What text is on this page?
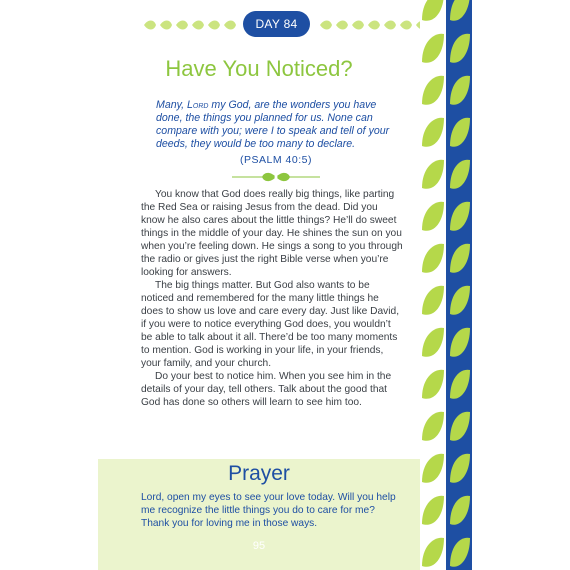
DAY 84
Have You Noticed?
Many, Lord my God, are the wonders you have done, the things you planned for us. None can compare with you; were I to speak and tell of your deeds, they would be too many to declare.
(PSALM 40:5)

You know that God does really big things, like parting the Red Sea or raising Jesus from the dead. Did you know he also cares about the little things? He’ll do sweet things in the middle of your day. He shines the sun on you when you’re feeling down. He sings a song to you through the radio or gives just the right Bible verse when you’re looking for answers.

The big things matter. But God also wants to be noticed and remembered for the many little things he does to show us love and care every day. Just like David, if you were to notice everything God does, you wouldn’t be able to talk about it all. There’d be too many moments to mention. God is working in your life, in your friends, your family, and your church.

Do your best to notice him. When you see him in the details of your day, tell others. Talk about the good that God has done so others will learn to see him too.

Prayer
Lord, open my eyes to see your love today. Will you help me recognize the little things you do to care for me? Thank you for loving me in those ways.
95
